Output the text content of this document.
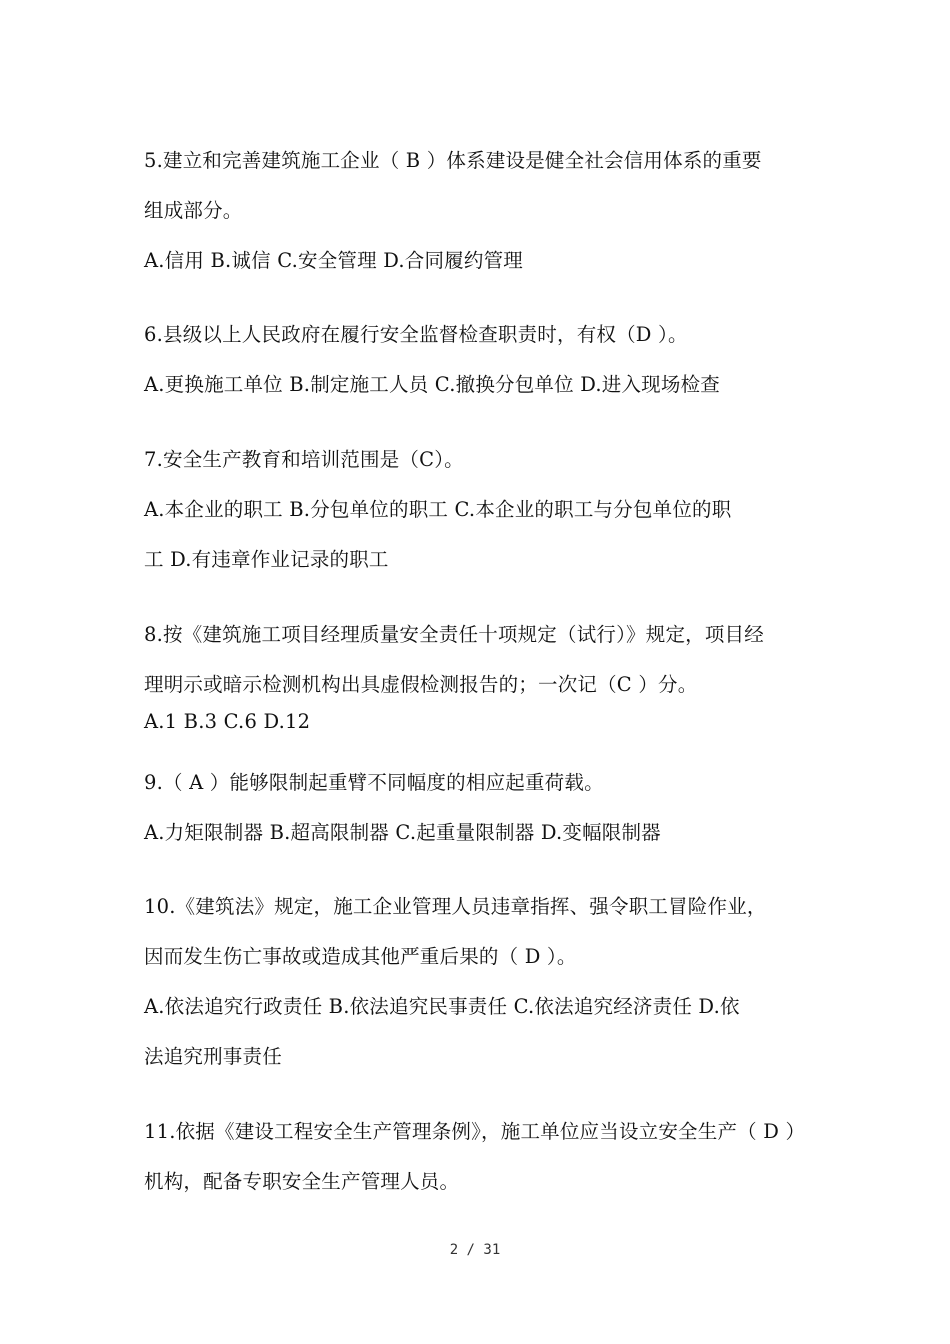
5.建立和完善建筑施工企业（ B ）体系建设是健全社会信用体系的重要
组成部分。
A.信用 B.诚信 C.安全管理 D.合同履约管理
6.县级以上人民政府在履行安全监督检查职责时，有权（D ）。
A.更换施工单位 B.制定施工人员 C.撤换分包单位 D.进入现场检查
7.安全生产教育和培训范围是（C）。
A.本企业的职工 B.分包单位的职工 C.本企业的职工与分包单位的职
工 D.有违章作业记录的职工
8.按《建筑施工项目经理质量安全责任十项规定（试行）》规定，项目经
理明示或暗示检测机构出具虚假检测报告的；一次记（C ）分。
A.1 B.3 C.6 D.12
9.（ A ）能够限制起重臂不同幅度的相应起重荷载。
A.力矩限制器 B.超高限制器 C.起重量限制器 D.变幅限制器
10.《建筑法》规定，施工企业管理人员违章指挥、强令职工冒险作业，
因而发生伤亡事故或造成其他严重后果的（ D ）。
A.依法追究行政责任 B.依法追究民事责任 C.依法追究经济责任 D.依
法追究刑事责任
11.依据《建设工程安全生产管理条例》，施工单位应当设立安全生产（ D ）
机构，配备专职安全生产管理人员。
2 / 31
